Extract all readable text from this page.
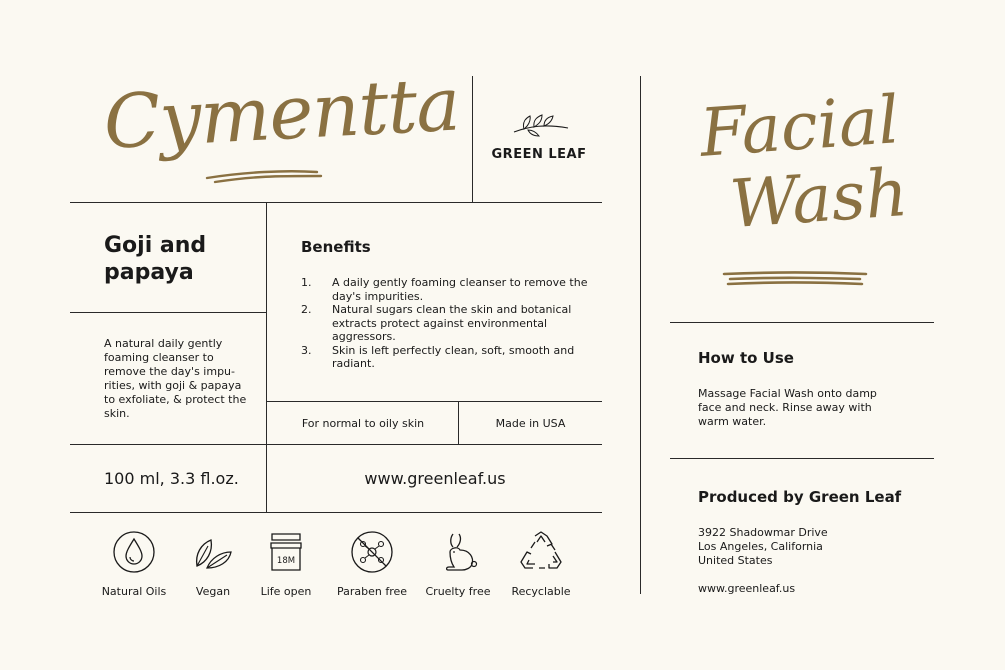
Cymentta	GREEN LEAF Facial
Wash
Goji and papaya
A natural daily gently foaming cleanser to remove the day's impu-rities, with goji & papaya to exfoliate, & protect the skin.
Benefits
1.	A daily gently foaming cleanser to remove the day's impurities.
2.	Natural sugars clean the skin and botanical extracts protect against environmental aggressors.
3.	Skin is left perfectly clean, soft, smooth and radiant.
For normal to oily skin	Made in USA
100 ml, 3.3 fl.oz.	www.greenleaf.us
Natural Oils	Vegan
18M
Life open	Paraben free	Cruelty free	Recyclable
How to Use
Massage Facial Wash onto damp face and neck. Rinse away with warm water.
Produced by Green Leaf
3922 Shadowmar Drive
Los Angeles, California
United States
www.greenleaf.us
